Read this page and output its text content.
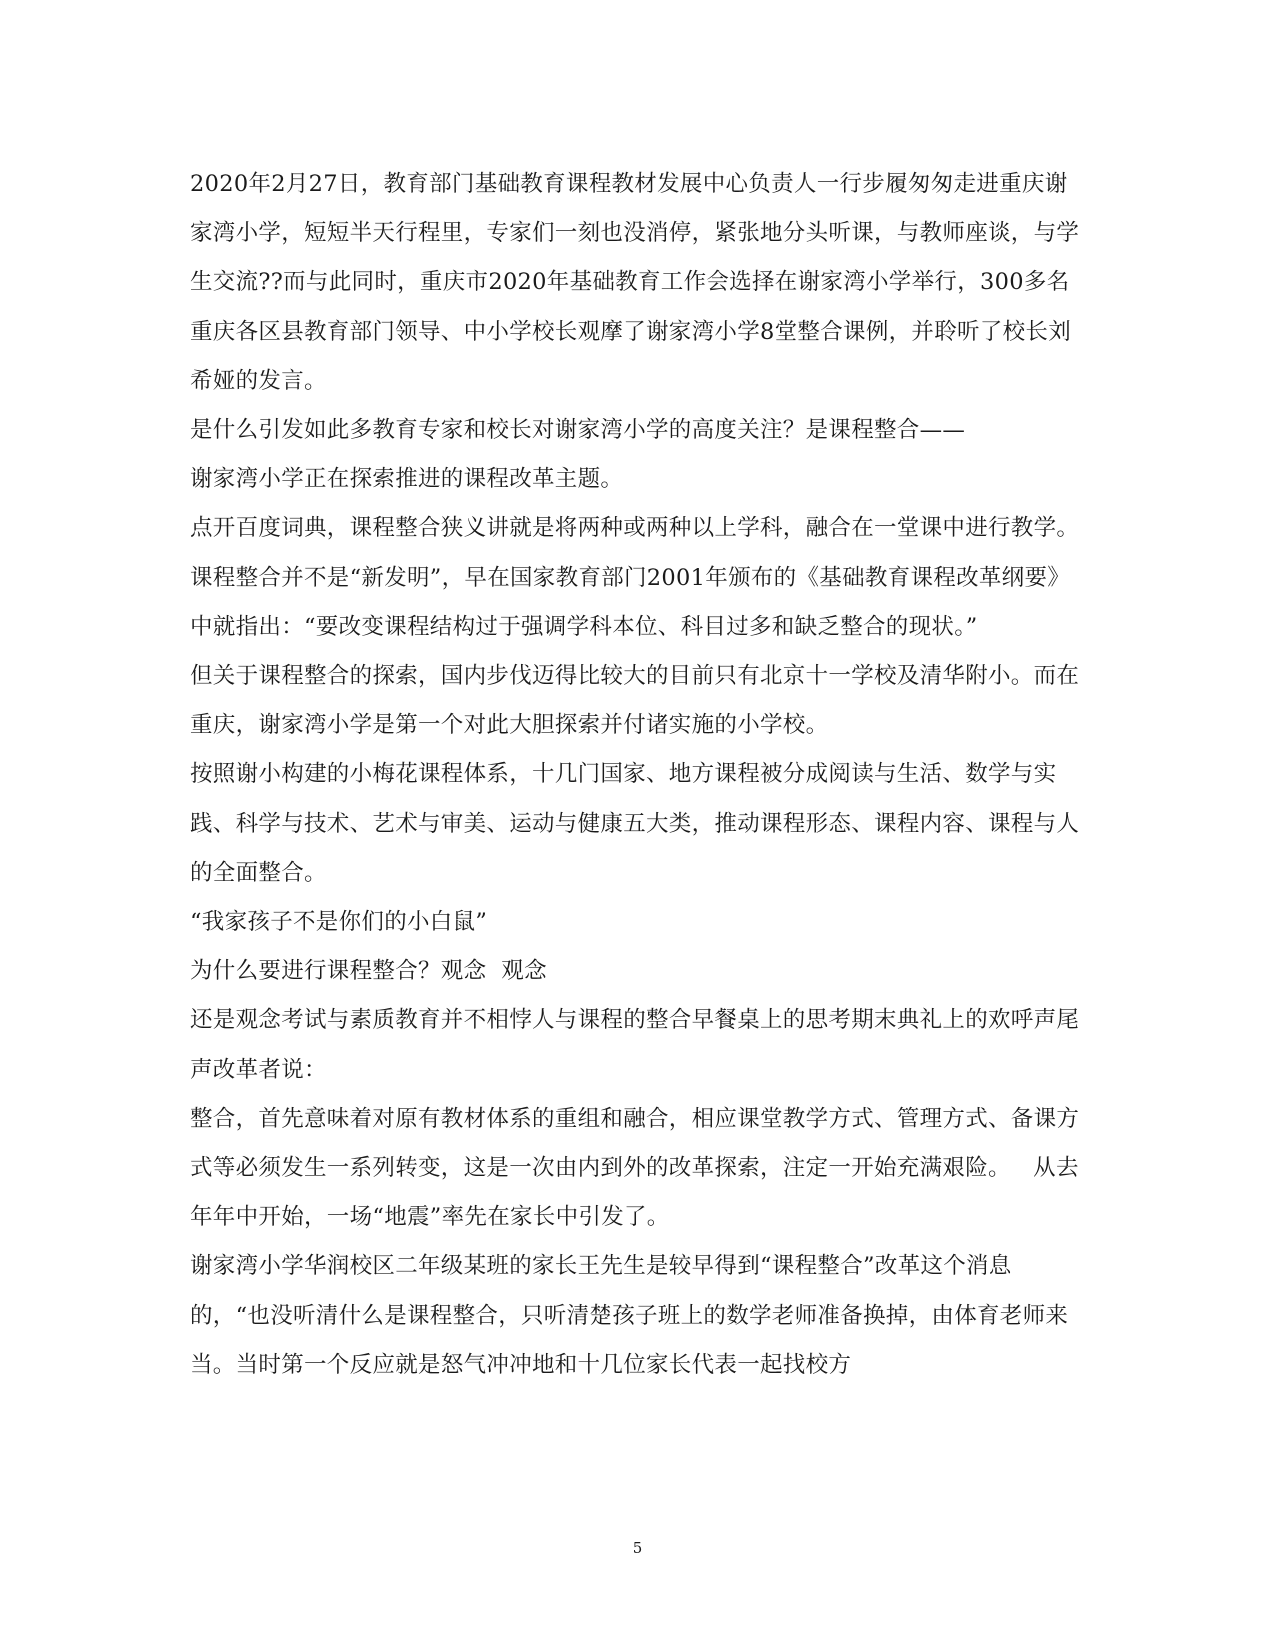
2020年2月27日，教育部门基础教育课程教材发展中心负责人一行步履匆匆走进重庆谢家湾小学，短短半天行程里，专家们一刻也没消停，紧张地分头听课，与教师座谈，与学生交流??而与此同时，重庆市2020年基础教育工作会选择在谢家湾小学举行，300多名重庆各区县教育部门领导、中小学校长观摩了谢家湾小学8堂整合课例，并聆听了校长刘希娅的发言。

是什么引发如此多教育专家和校长对谢家湾小学的高度关注？是课程整合——
谢家湾小学正在探索推进的课程改革主题。

点开百度词典，课程整合狭义讲就是将两种或两种以上学科，融合在一堂课中进行教学。

课程整合并不是“新发明”，早在国家教育部门2001年颁布的《基础教育课程改革纲要》中就指出：“要改变课程结构过于强调学科本位、科目过多和缺乏整合的现状。”

但关于课程整合的探索，国内步伐迈得比较大的目前只有北京十一学校及清华附小。而在重庆，谢家湾小学是第一个对此大胆探索并付诸实施的小学校。

按照谢小构建的小梅花课程体系，十几门国家、地方课程被分成阅读与生活、数学与实践、科学与技术、艺术与审美、运动与健康五大类，推动课程形态、课程内容、课程与人的全面整合。

“我家孩子不是你们的小白鼠”

为什么要进行课程整合？观念  观念

还是观念考试与素质教育并不相悖人与课程的整合早餐桌上的思考期末典礼上的欢呼声尾声改革者说：

整合，首先意味着对原有教材体系的重组和融合，相应课堂教学方式、管理方式、备课方式等必须发生一系列转变，这是一次由内到外的改革探索，注定一开始充满艰险。   从去年年中开始，一场“地震”率先在家长中引发了。

谢家湾小学华润校区二年级某班的家长王先生是较早得到“课程整合”改革这个消息的，“也没听清什么是课程整合，只听清楚孩子班上的数学老师准备换掉，由体育老师来当。当时第一个反应就是怒气冲冲地和十几位家长代表一起找校方

5
